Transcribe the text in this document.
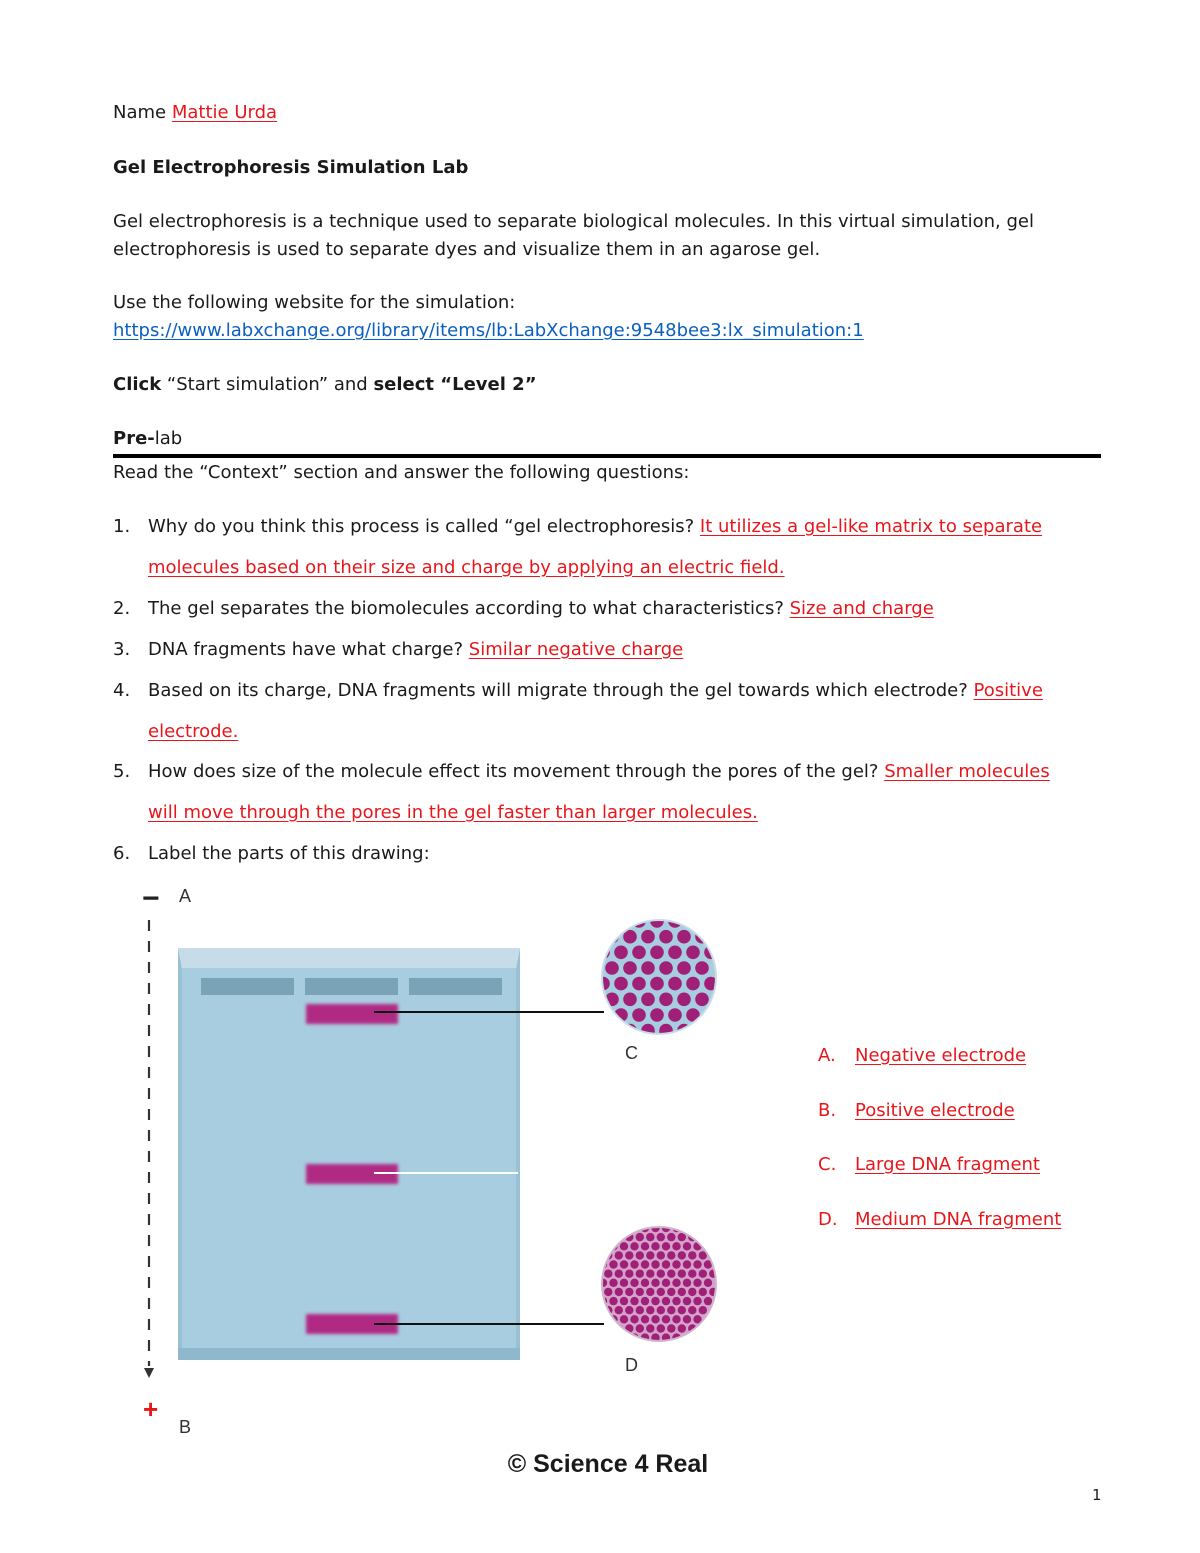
Name Mattie Urda
Gel Electrophoresis Simulation Lab
Gel electrophoresis is a technique used to separate biological molecules. In this virtual simulation, gel
electrophoresis is used to separate dyes and visualize them in an agarose gel.
Use the following website for the simulation:
https://www.labxchange.org/library/items/lb:LabXchange:9548bee3:lx_simulation:1
Click “Start simulation” and select “Level 2”
Pre-lab
Read the “Context” section and answer the following questions:
1. Why do you think this process is called “gel electrophoresis? It utilizes a gel-like matrix to separate
molecules based on their size and charge by applying an electric field.
2. The gel separates the biomolecules according to what characteristics? Size and charge
3. DNA fragments have what charge? Similar negative charge
4. Based on its charge, DNA fragments will migrate through the gel towards which electrode? Positive
electrode.
5. How does size of the molecule effect its movement through the pores of the gel? Smaller molecules
will move through the pores in the gel faster than larger molecules.
6. Label the parts of this drawing:
−
+
A
B
C
D
A. Negative electrode
B. Positive electrode
C. Large DNA fragment
D. Medium DNA fragment
© Science 4 Real
1
